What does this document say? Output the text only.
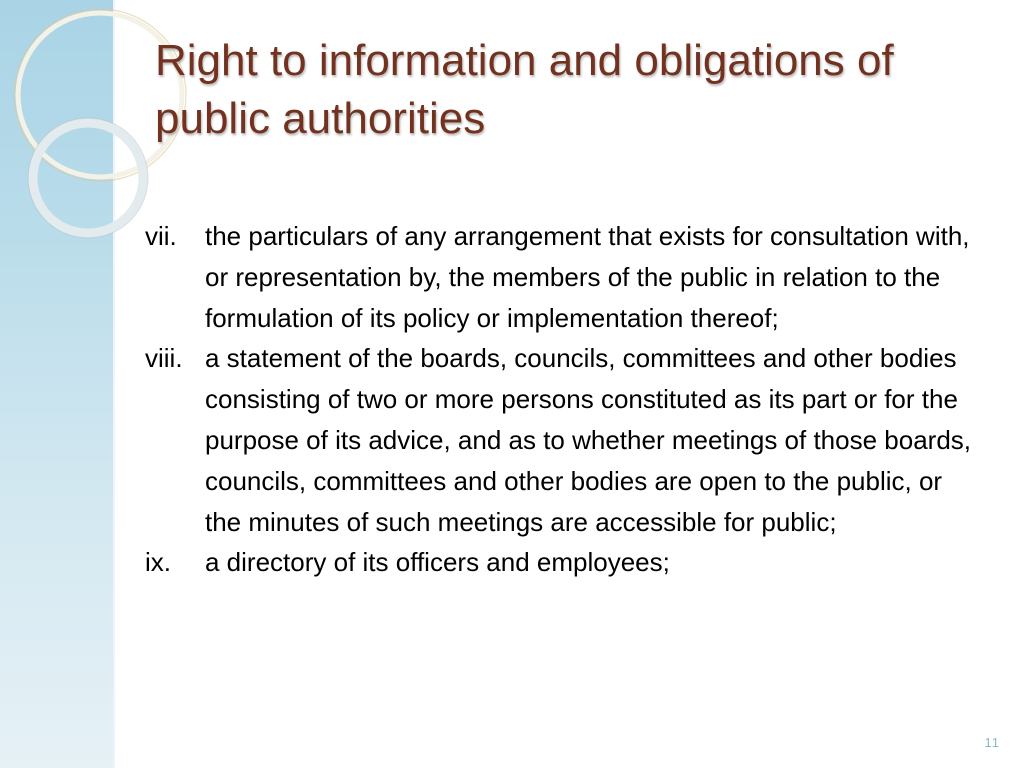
Right to information and obligations of public authorities
vii.	the particulars of any arrangement that exists for consultation with, or representation by, the members of the public in relation to the formulation of its policy or implementation thereof;
viii. a statement of the boards, councils, committees and other bodies consisting of two or more persons constituted as its part or for the purpose of its advice, and as to whether meetings of those boards, councils, committees and other bodies are open to the public, or the minutes of such meetings are accessible for public;
ix.	a directory of its officers and employees;
11
